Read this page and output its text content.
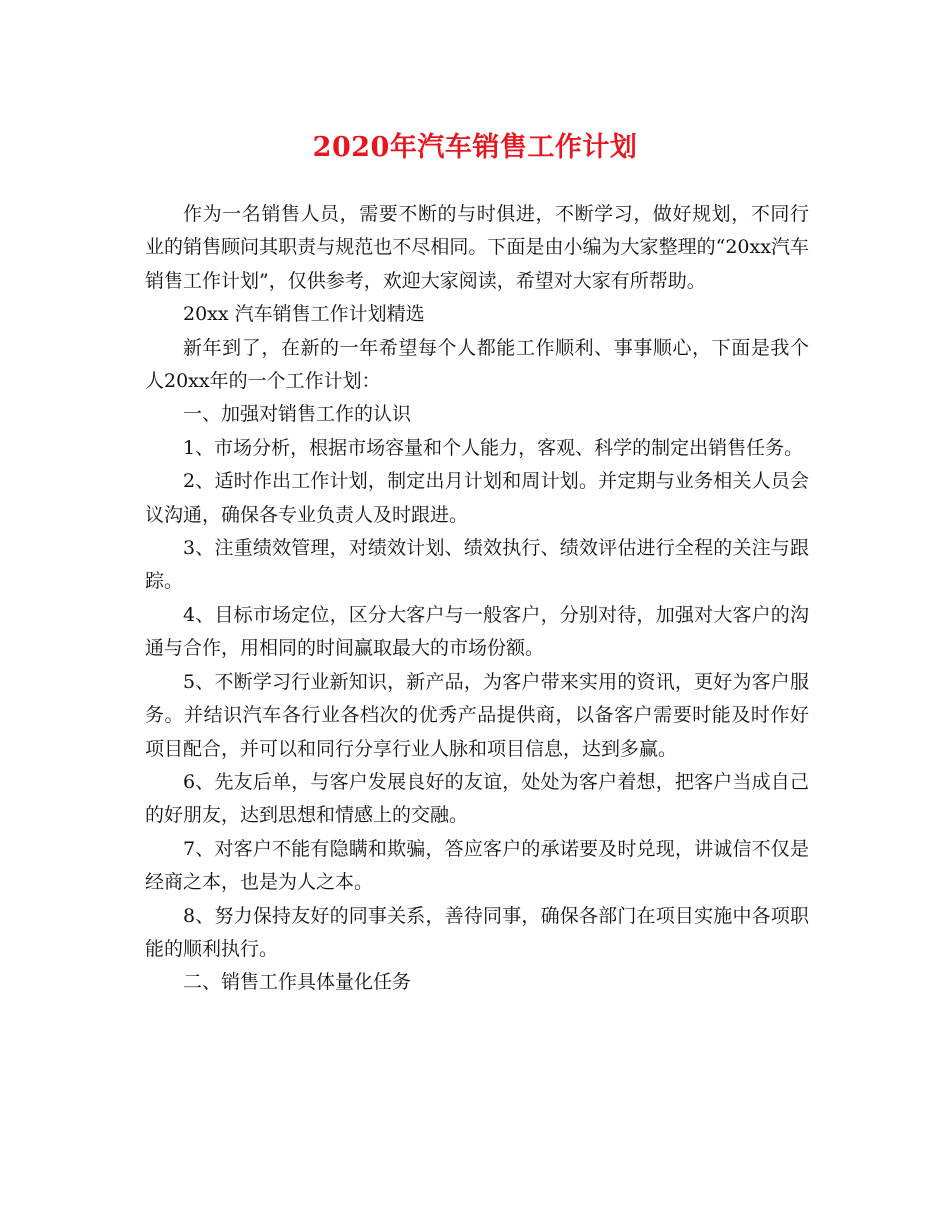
2020年汽车销售工作计划

作为一名销售人员，需要不断的与时俱进，不断学习，做好规划，不同行业的销售顾问其职责与规范也不尽相同。下面是由小编为大家整理的“20xx汽车销售工作计划”，仅供参考，欢迎大家阅读，希望对大家有所帮助。

20xx 汽车销售工作计划精选

新年到了，在新的一年希望每个人都能工作顺利、事事顺心，下面是我个人20xx年的一个工作计划：

一、加强对销售工作的认识

1、市场分析，根据市场容量和个人能力，客观、科学的制定出销售任务。

2、适时作出工作计划，制定出月计划和周计划。并定期与业务相关人员会议沟通，确保各专业负责人及时跟进。

3、注重绩效管理，对绩效计划、绩效执行、绩效评估进行全程的关注与跟踪。

4、目标市场定位，区分大客户与一般客户，分别对待，加强对大客户的沟通与合作，用相同的时间赢取最大的市场份额。

5、不断学习行业新知识，新产品，为客户带来实用的资讯，更好为客户服务。并结识汽车各行业各档次的优秀产品提供商，以备客户需要时能及时作好项目配合，并可以和同行分享行业人脉和项目信息，达到多赢。

6、先友后单，与客户发展良好的友谊，处处为客户着想，把客户当成自己的好朋友，达到思想和情感上的交融。

7、对客户不能有隐瞒和欺骗，答应客户的承诺要及时兑现，讲诚信不仅是经商之本，也是为人之本。

8、努力保持友好的同事关系，善待同事，确保各部门在项目实施中各项职能的顺利执行。

二、销售工作具体量化任务
